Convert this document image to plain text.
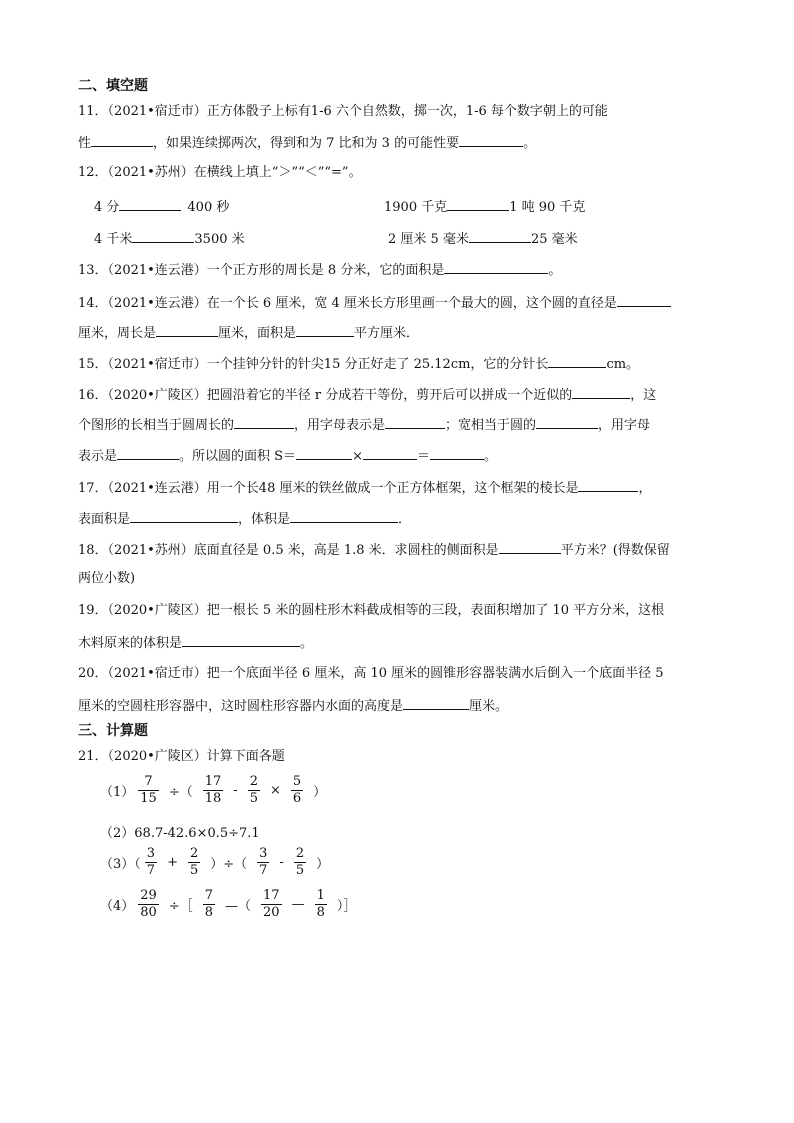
二、填空题
11．（2021•宿迁市）正方体骰子上标有1-6 六个自然数，掷一次，1-6 每个数字朝上的可能
性	，如果连续掷两次，得到和为 7 比和为 3 的可能性要	。
12．（2021•苏州）在横线上填上“＞”“＜”“=”。
4 分	400 秒	1900 千克	1 吨 90 千克
4 千米	3500 米	2 厘米 5 毫米	25 毫米
13．（2021•连云港）一个正方形的周长是 8 分米，它的面积是	。
14．（2021•连云港）在一个长 6 厘米，宽 4 厘米长方形里画一个最大的圆，这个圆的直径是
厘米，周长是	厘米，面积是	平方厘米．
15．（2021•宿迁市）一个挂钟分针的针尖15 分正好走了 25.12cm，它的分针长	cm。
16．（2020•广陵区）把圆沿着它的半径 r 分成若干等份，剪开后可以拼成一个近似的	，这
个图形的长相当于圆周长的	，用字母表示是	；宽相当于圆的	，用字母
表示是	。所以圆的面积 S＝	×	＝	。
17．（2021•连云港）用一个长48 厘米的铁丝做成一个正方体框架，这个框架的棱长是	，
表面积是	，体积是	．
18．（2021•苏州）底面直径是 0.5 米，高是 1.8 米．求圆柱的侧面积是	平方米？(得数保留
两位小数)
19．（2020•广陵区）把一根长 5 米的圆柱形木料截成相等的三段，表面积增加了 10 平方分米，这根
木料原来的体积是	。
20．（2021•宿迁市）把一个底面半径 6 厘米，高 10 厘米的圆锥形容器装满水后倒入一个底面半径 5
厘米的空圆柱形容器中，这时圆柱形容器内水面的高度是	厘米。
三、计算题
21．（2020•广陵区）计算下面各题
$(1) \frac{7}{15}$ ÷（ $\frac{17}{18} - \frac{2}{5} \times \frac{5}{6}$ ）
（2）68.7-42.6×0.5÷7.1
$(3)( \frac{3}{7} + \frac{2}{5}$ ）÷（ $\frac{3}{7} - \frac{2}{5}$ ）
$(4) \frac{29}{80}$ ÷［ $\frac{7}{8}$ —（ $\frac{17}{20}$ — $\frac{1}{8}$ ）］
